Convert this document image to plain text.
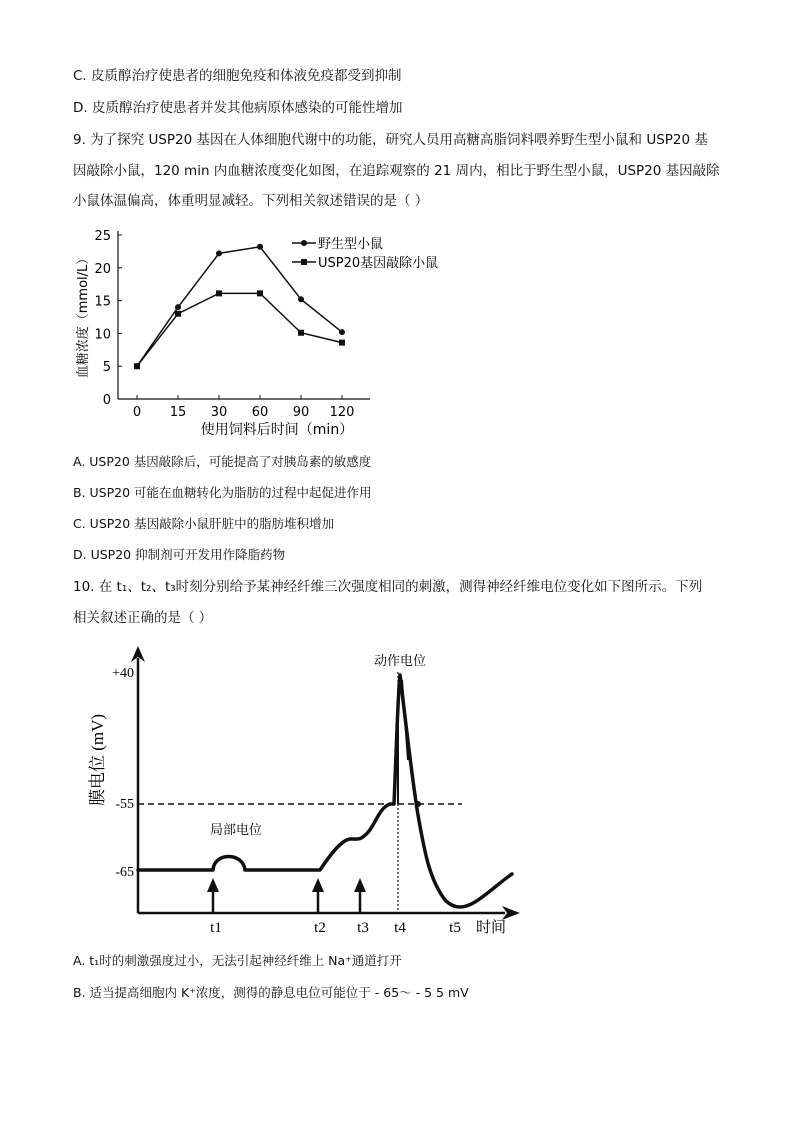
C. 皮质醇治疗使患者的细胞免疫和体液免疫都受到抑制
D. 皮质醇治疗使患者并发其他病原体感染的可能性增加
9. 为了探究 USP20 基因在人体细胞代谢中的功能，研究人员用高糖高脂饲料喂养野生型小鼠和 USP20 基
因敲除小鼠，120 min 内血糖浓度变化如图，在追踪观察的 21 周内，相比于野生型小鼠，USP20 基因敲除
小鼠体温偏高，体重明显减轻。下列相关叙述错误的是（ ）
0
5
10
15
20
25
0 15 30 60 90 120
血糖浓度（mmol/L）
使用饲料后时间（min）
野生型小鼠
USP20基因敲除小鼠
A. USP20 基因敲除后，可能提高了对胰岛素的敏感度
B. USP20 可能在血糖转化为脂肪的过程中起促进作用
C. USP20 基因敲除小鼠肝脏中的脂肪堆积增加
D. USP20 抑制剂可开发用作降脂药物
10. 在 t₁、t₂、t₃时刻分别给予某神经纤维三次强度相同的刺激，测得神经纤维电位变化如下图所示。下列
相关叙述正确的是（ ）
膜电位 (mV)
+40
-55
-65
t1	t2 t3 t4	t5 时间
局部电位
动作电位
A. t₁时的刺激强度过小，无法引起神经纤维上 Na⁺通道打开
B. 适当提高细胞内 K⁺浓度，测得的静息电位可能位于 - 65～ - 5 5 mV
